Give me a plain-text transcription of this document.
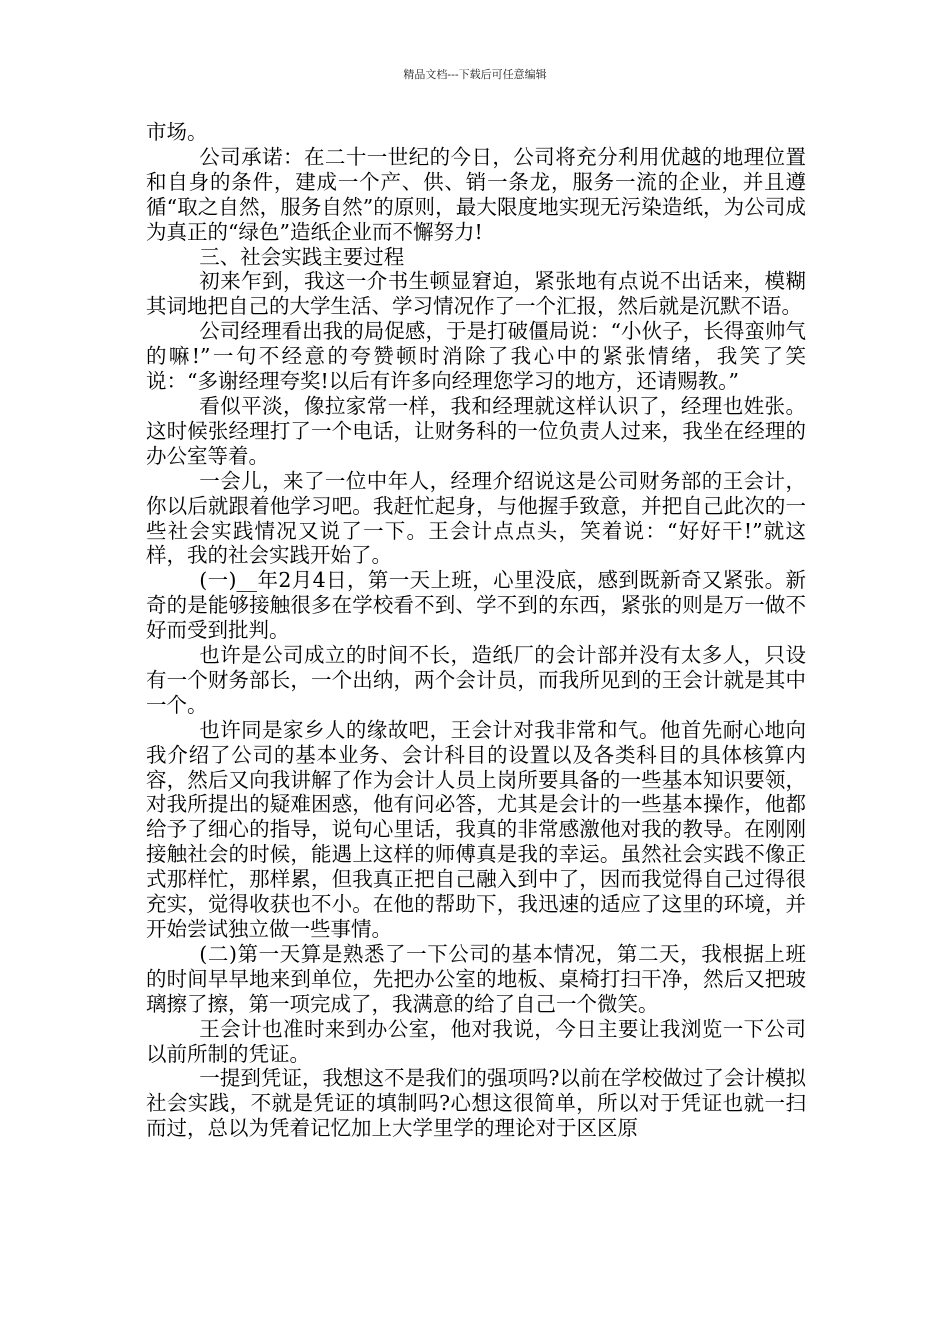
精品文档---下载后可任意编辑

市场。

公司承诺：在二十一世纪的今日，公司将充分利用优越的地理位置和自身的条件，建成一个产、供、销一条龙，服务一流的企业，并且遵循“取之自然，服务自然”的原则，最大限度地实现无污染造纸，为公司成为真正的“绿色”造纸企业而不懈努力!

三、社会实践主要过程

初来乍到，我这一介书生顿显窘迫，紧张地有点说不出话来，模糊其词地把自己的大学生活、学习情况作了一个汇报，然后就是沉默不语。

公司经理看出我的局促感，于是打破僵局说：“小伙子，长得蛮帅气的嘛!”一句不经意的夸赞顿时消除了我心中的紧张情绪，我笑了笑说：“多谢经理夸奖!以后有许多向经理您学习的地方，还请赐教。”

看似平淡，像拉家常一样，我和经理就这样认识了，经理也姓张。这时候张经理打了一个电话，让财务科的一位负责人过来，我坐在经理的办公室等着。

一会儿，来了一位中年人，经理介绍说这是公司财务部的王会计，你以后就跟着他学习吧。我赶忙起身，与他握手致意，并把自己此次的一些社会实践情况又说了一下。王会计点点头，笑着说：“好好干!”就这样，我的社会实践开始了。

(一)__年2月4日，第一天上班，心里没底，感到既新奇又紧张。新奇的是能够接触很多在学校看不到、学不到的东西，紧张的则是万一做不好而受到批判。

也许是公司成立的时间不长，造纸厂的会计部并没有太多人，只设有一个财务部长，一个出纳，两个会计员，而我所见到的王会计就是其中一个。

也许同是家乡人的缘故吧，王会计对我非常和气。他首先耐心地向我介绍了公司的基本业务、会计科目的设置以及各类科目的具体核算内容，然后又向我讲解了作为会计人员上岗所要具备的一些基本知识要领，对我所提出的疑难困惑，他有问必答，尤其是会计的一些基本操作，他都给予了细心的指导，说句心里话，我真的非常感激他对我的教导。在刚刚接触社会的时候，能遇上这样的师傅真是我的幸运。虽然社会实践不像正式那样忙，那样累，但我真正把自己融入到中了，因而我觉得自己过得很充实，觉得收获也不小。在他的帮助下，我迅速的适应了这里的环境，并开始尝试独立做一些事情。

(二)第一天算是熟悉了一下公司的基本情况，第二天，我根据上班的时间早早地来到单位，先把办公室的地板、桌椅打扫干净，然后又把玻璃擦了擦，第一项完成了，我满意的给了自己一个微笑。

王会计也准时来到办公室，他对我说，今日主要让我浏览一下公司以前所制的凭证。

一提到凭证，我想这不是我们的强项吗?以前在学校做过了会计模拟社会实践，不就是凭证的填制吗?心想这很简单，所以对于凭证也就一扫而过，总以为凭着记忆加上大学里学的理论对于区区原
